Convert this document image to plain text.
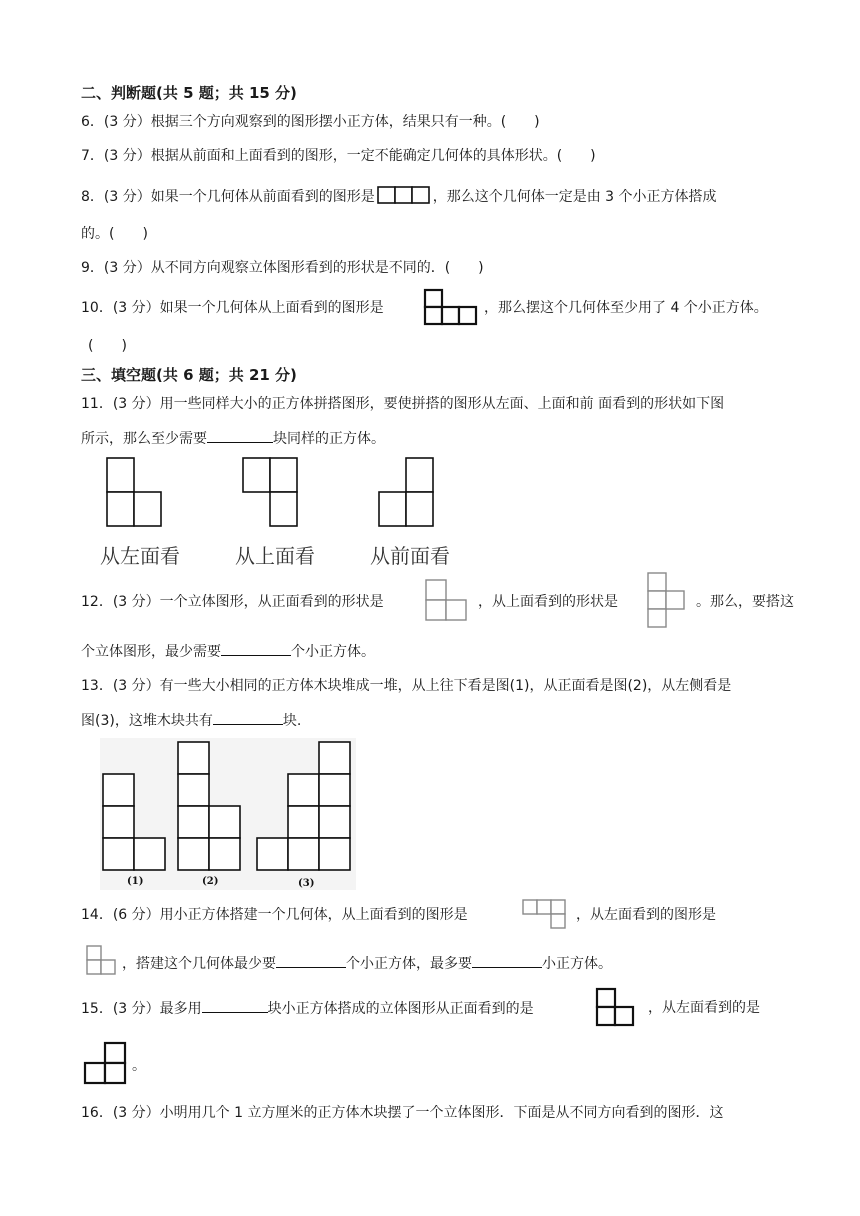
二、判断题(共 5 题；共 15 分)
6．(3 分）根据三个方向观察到的图形摆小正方体，结果只有一种。(　　)
7．(3 分）根据从前面和上面看到的图形，一定不能确定几何体的具体形状。(　　)
8．(3 分）如果一个几何体从前面看到的图形是	，那么这个几何体一定是由 3 个小正方体搭成
的。(　　)
9．(3 分）从不同方向观察立体图形看到的形状是不同的．(　　)
10．(3 分）如果一个几何体从上面看到的图形是	，那么摆这个几何体至少用了 4 个小正方体。
(　　)
三、填空题(共 6 题；共 21 分)
11．(3 分）用一些同样大小的正方体拼搭图形，要使拼搭的图形从左面、上面和前 面看到的形状如下图
所示，那么至少需要	块同样的正方体。
从左面看	从上面看	从前面看
12．(3 分）一个立体图形，从正面看到的形状是	，从上面看到的形状是	。那么，要搭这
个立体图形，最少需要	个小正方体。
13．(3 分）有一些大小相同的正方体木块堆成一堆，从上往下看是图(1)，从正面看是图(2)，从左侧看是
图(3)，这堆木块共有	块.
(1)	(2)	(3)
14．(6 分）用小正方体搭建一个几何体，从上面看到的图形是	，从左面看到的图形是
，搭建这个几何体最少要	个小正方体，最多要	小正方体。
15．(3 分）最多用	块小正方体搭成的立体图形从正面看到的是	，从左面看到的是
。
16．(3 分）小明用几个 1 立方厘米的正方体木块摆了一个立体图形．下面是从不同方向看到的图形．这
